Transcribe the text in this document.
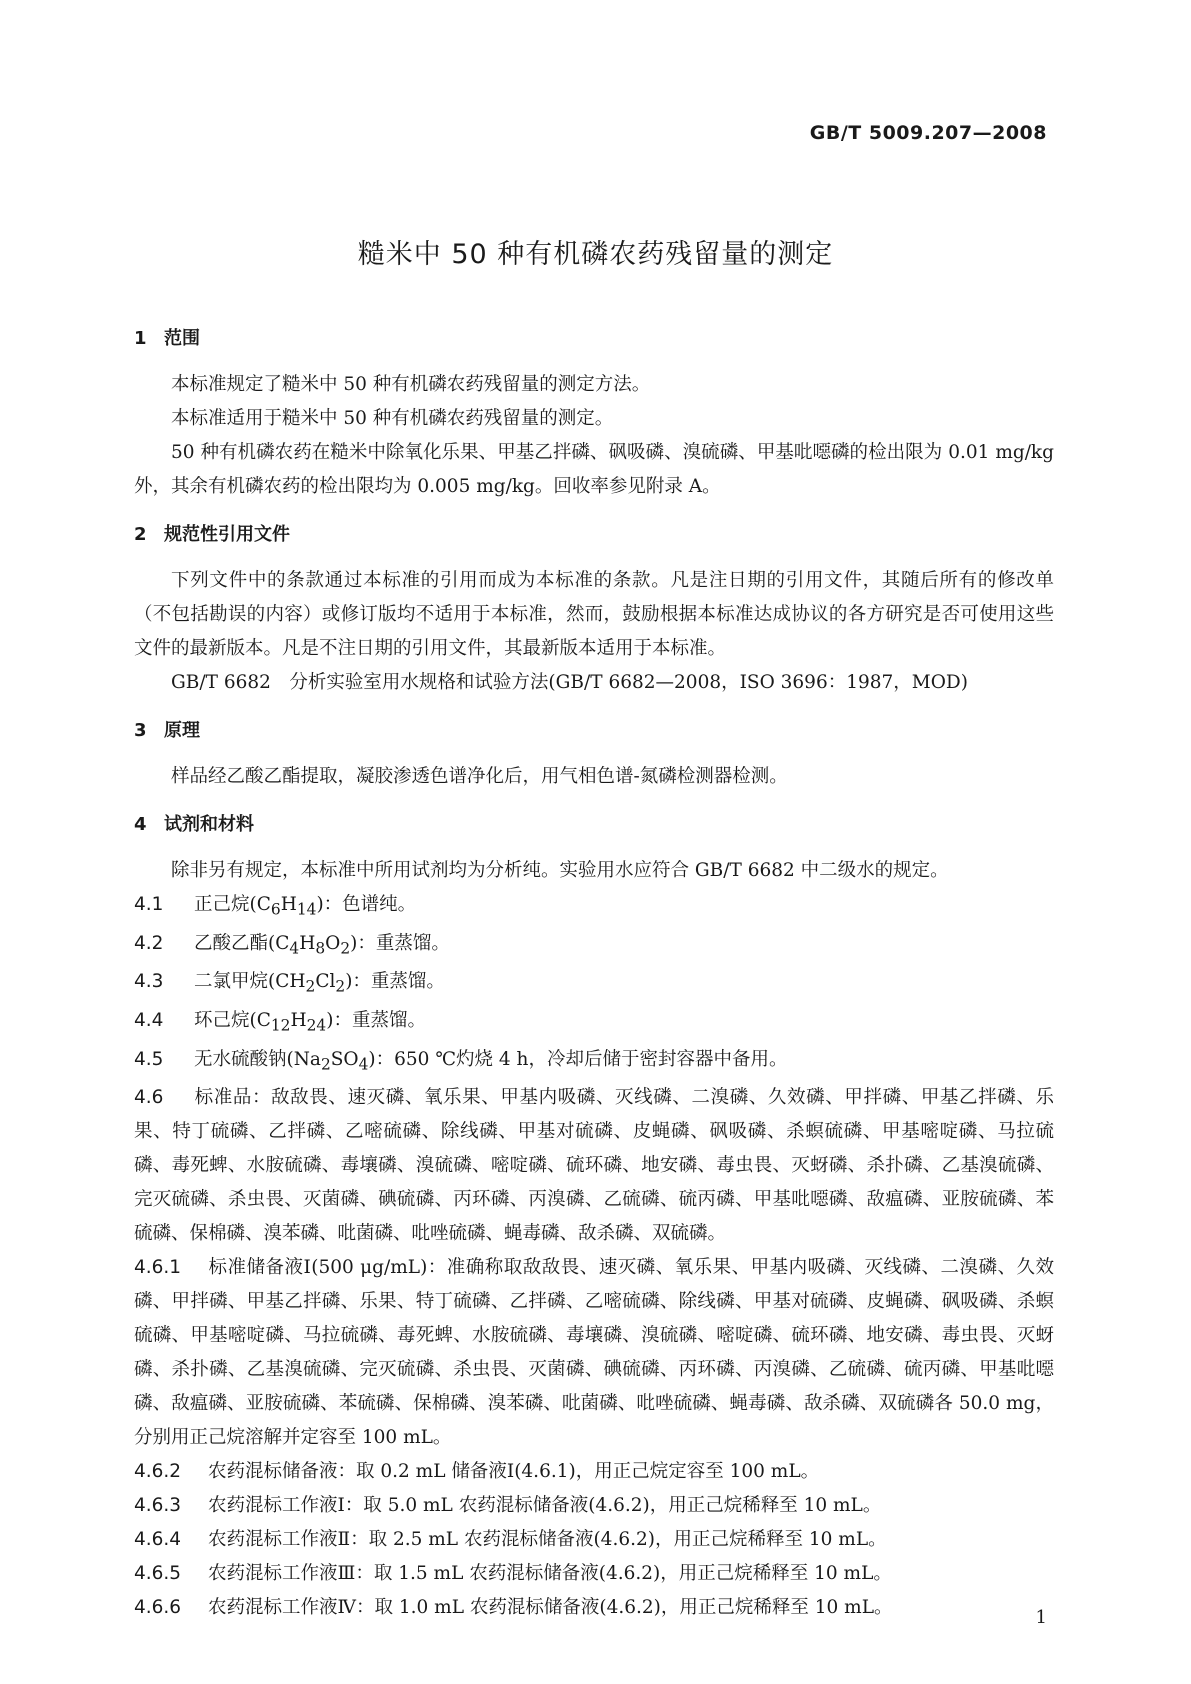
GB/T 5009.207—2008
糙米中 50 种有机磷农药残留量的测定
1 范围

本标准规定了糙米中 50 种有机磷农药残留量的测定方法。

本标准适用于糙米中 50 种有机磷农药残留量的测定。

50 种有机磷农药在糙米中除氧化乐果、甲基乙拌磷、砜吸磷、溴硫磷、甲基吡噁磷的检出限为 0.01 mg/kg 外，其余有机磷农药的检出限均为 0.005 mg/kg。回收率参见附录 A。

2 规范性引用文件

下列文件中的条款通过本标准的引用而成为本标准的条款。凡是注日期的引用文件，其随后所有的修改单（不包括勘误的内容）或修订版均不适用于本标准，然而，鼓励根据本标准达成协议的各方研究是否可使用这些文件的最新版本。凡是不注日期的引用文件，其最新版本适用于本标准。

GB/T 6682　分析实验室用水规格和试验方法(GB/T 6682—2008，ISO 3696：1987，MOD)

3 原理

样品经乙酸乙酯提取，凝胶渗透色谱净化后，用气相色谱-氮磷检测器检测。

4 试剂和材料

除非另有规定，本标准中所用试剂均为分析纯。实验用水应符合 GB/T 6682 中二级水的规定。

4.1 正己烷$(C_6H_{14})$：色谱纯。

4.2 乙酸乙酯$(C_4H_8O_2)$：重蒸馏。

4.3 二氯甲烷$(CH_2Cl_2)$：重蒸馏。

4.4 环己烷$(C_{12}H_{24})$：重蒸馏。

4.5 无水硫酸钠$(Na_2SO_4)$：650 ℃灼烧 4 h，冷却后储于密封容器中备用。

4.6 标准品：敌敌畏、速灭磷、氧乐果、甲基内吸磷、灭线磷、二溴磷、久效磷、甲拌磷、甲基乙拌磷、乐果、特丁硫磷、乙拌磷、乙嘧硫磷、除线磷、甲基对硫磷、皮蝇磷、砜吸磷、杀螟硫磷、甲基嘧啶磷、马拉硫磷、毒死蜱、水胺硫磷、毒壤磷、溴硫磷、嘧啶磷、硫环磷、地安磷、毒虫畏、灭蚜磷、杀扑磷、乙基溴硫磷、完灭硫磷、杀虫畏、灭菌磷、碘硫磷、丙环磷、丙溴磷、乙硫磷、硫丙磷、甲基吡噁磷、敌瘟磷、亚胺硫磷、苯硫磷、保棉磷、溴苯磷、吡菌磷、吡唑硫磷、蝇毒磷、敌杀磷、双硫磷。

4.6.1 标准储备液Ⅰ(500 μg/mL)：准确称取敌敌畏、速灭磷、氧乐果、甲基内吸磷、灭线磷、二溴磷、久效磷、甲拌磷、甲基乙拌磷、乐果、特丁硫磷、乙拌磷、乙嘧硫磷、除线磷、甲基对硫磷、皮蝇磷、砜吸磷、杀螟硫磷、甲基嘧啶磷、马拉硫磷、毒死蜱、水胺硫磷、毒壤磷、溴硫磷、嘧啶磷、硫环磷、地安磷、毒虫畏、灭蚜磷、杀扑磷、乙基溴硫磷、完灭硫磷、杀虫畏、灭菌磷、碘硫磷、丙环磷、丙溴磷、乙硫磷、硫丙磷、甲基吡噁磷、敌瘟磷、亚胺硫磷、苯硫磷、保棉磷、溴苯磷、吡菌磷、吡唑硫磷、蝇毒磷、敌杀磷、双硫磷各 50.0 mg，分别用正己烷溶解并定容至 100 mL。

4.6.2 农药混标储备液：取 0.2 mL 储备液Ⅰ(4.6.1)，用正己烷定容至 100 mL。

4.6.3 农药混标工作液Ⅰ：取 5.0 mL 农药混标储备液(4.6.2)，用正己烷稀释至 10 mL。

4.6.4 农药混标工作液Ⅱ：取 2.5 mL 农药混标储备液(4.6.2)，用正己烷稀释至 10 mL。

4.6.5 农药混标工作液Ⅲ：取 1.5 mL 农药混标储备液(4.6.2)，用正己烷稀释至 10 mL。

4.6.6 农药混标工作液Ⅳ：取 1.0 mL 农药混标储备液(4.6.2)，用正己烷稀释至 10 mL。	1
